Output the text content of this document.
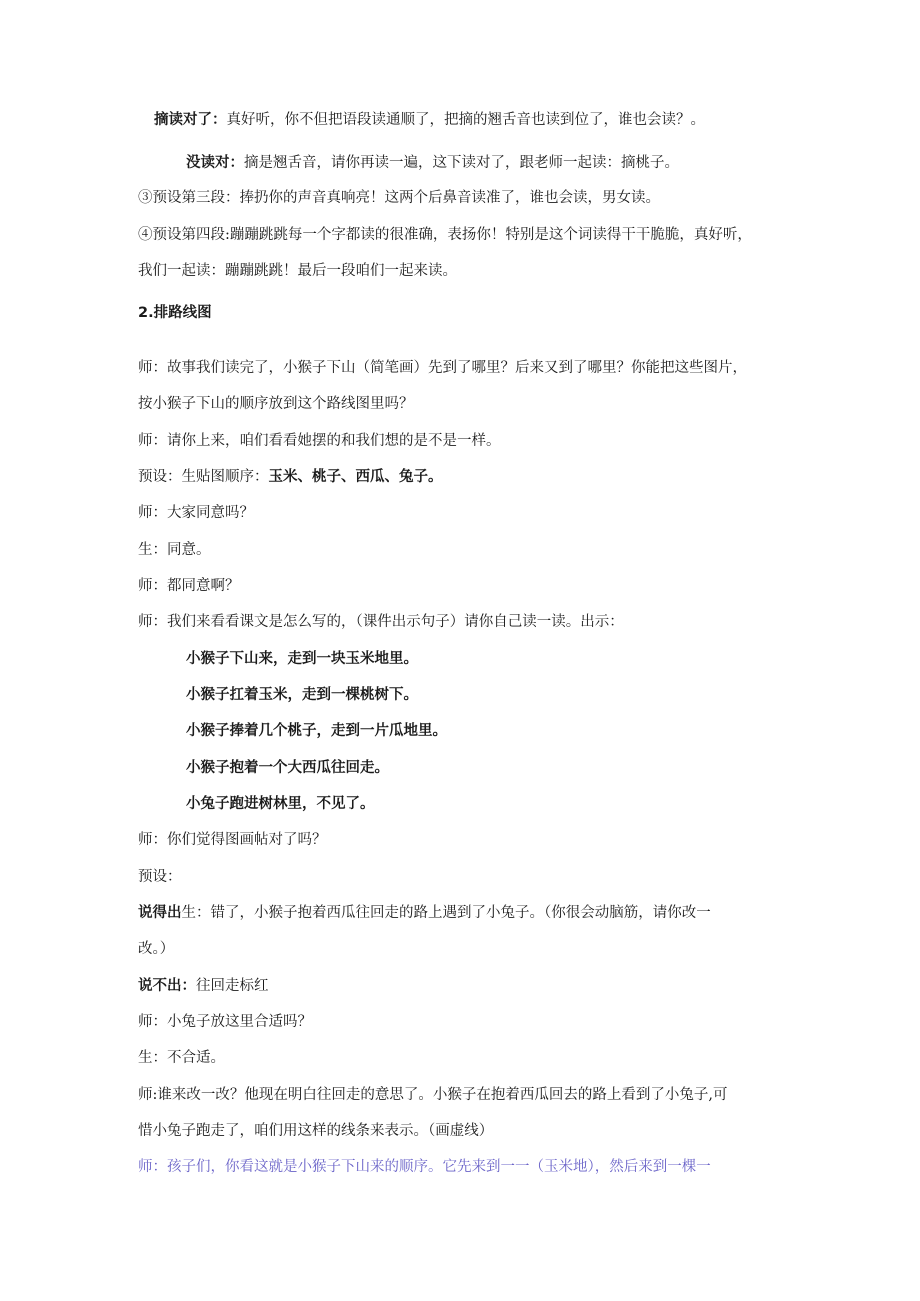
摘读对了：真好听，你不但把语段读通顺了，把摘的翘舌音也读到位了，谁也会读？。
没读对：摘是翘舌音，请你再读一遍，这下读对了，跟老师一起读：摘桃子。
③预设第三段：捧扔你的声音真响亮！这两个后鼻音读准了，谁也会读，男女读。
④预设第四段:蹦蹦跳跳每一个字都读的很准确，表扬你！特别是这个词读得干干脆脆，真好听，
我们一起读：蹦蹦跳跳！最后一段咱们一起来读。
2.排路线图
师：故事我们读完了，小猴子下山（简笔画）先到了哪里？后来又到了哪里？你能把这些图片，
按小猴子下山的顺序放到这个路线图里吗？
师：请你上来，咱们看看她摆的和我们想的是不是一样。
预设：生贴图顺序：玉米、桃子、西瓜、兔子。
师：大家同意吗？
生：同意。
师：都同意啊？
师：我们来看看课文是怎么写的，（课件出示句子）请你自己读一读。出示：
小猴子下山来，走到一块玉米地里。
小猴子扛着玉米，走到一棵桃树下。
小猴子捧着几个桃子，走到一片瓜地里。
小猴子抱着一个大西瓜往回走。
小兔子跑进树林里，不见了。
师：你们觉得图画帖对了吗？
预设：
说得出生：错了，小猴子抱着西瓜往回走的路上遇到了小兔子。（你很会动脑筋，请你改一
改。）
说不出：往回走标红
师：小兔子放这里合适吗？
生：不合适。
师:谁来改一改？他现在明白往回走的意思了。小猴子在抱着西瓜回去的路上看到了小兔子,可
惜小兔子跑走了，咱们用这样的线条来表示。（画虚线）
师：孩子们，你看这就是小猴子下山来的顺序。它先来到一一（玉米地），然后来到一棵一
